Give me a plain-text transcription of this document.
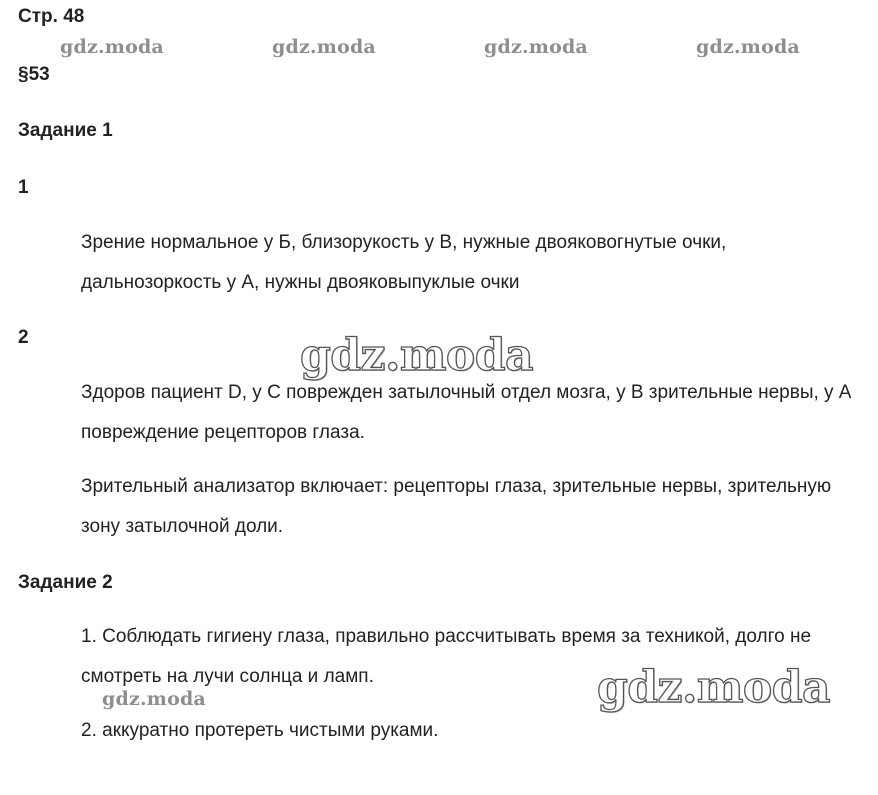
Стр. 48
gdz.moda	gdz.moda	gdz.moda	gdz.moda
§53
Задание 1
1
Зрение нормальное у Б, близорукость у В, нужные двояковогнутые очки, дальнозоркость у А, нужны двояковыпуклые очки
2	gdz.moda
Здоров пациент D, у С поврежден затылочный отдел мозга, у В зрительные нервы, у А повреждение рецепторов глаза.
Зрительный анализатор включает: рецепторы глаза, зрительные нервы, зрительную зону затылочной доли.
Задание 2
1. Соблюдать гигиену глаза, правильно рассчитывать время за техникой, долго не смотреть на лучи солнца и ламп.
gdz.moda	gdz.moda
2. аккуратно протереть чистыми руками.
